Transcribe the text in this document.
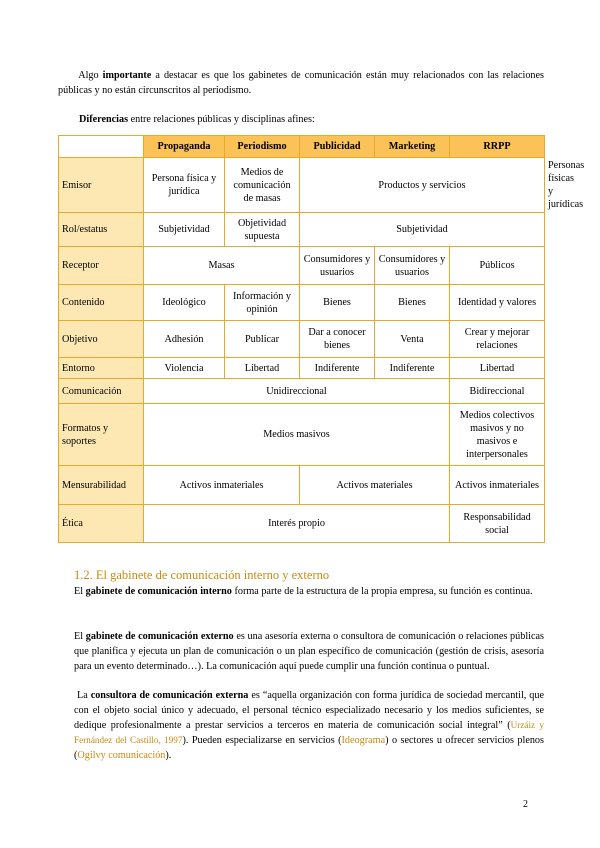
Algo importante a destacar es que los gabinetes de comunicación están muy relacionados con las relaciones públicas y no están circunscritos al periodismo.

Diferencias entre relaciones públicas y disciplinas afines:

	Propaganda	Periodismo	Publicidad	Marketing	RRPP	
Emisor	Persona física y jurídica	Medios de comunicación de masas	Productos y servicios			Personas físicas y jurídicas
Rol/estatus	Subjetividad	Objetividad supuesta	Subjetividad			
Receptor	Masas		Consumidores y usuarios	Consumidores y usuarios	Públicos	
Contenido	Ideológico	Información y opinión	Bienes	Bienes	Identidad y valores	
Objetivo	Adhesión	Publicar	Dar a conocer bienes	Venta	Crear y mejorar relaciones	
Entorno	Violencia	Libertad	Indiferente	Indiferente	Libertad	
Comunicación	Unidireccional				Bidireccional	
Formatos y soportes	Medios masivos				Medios colectivos masivos y no masivos e interpersonales	
Mensurabilidad	Activos inmateriales		Activos materiales		Activos inmateriales	
Ética	Interés propio				Responsabilidad social	
1.2. El gabinete de comunicación interno y externo

El gabinete de comunicación interno forma parte de la estructura de la propia empresa, su función es continua.

El gabinete de comunicación externo es una asesoría externa o consultora de comunicación o relaciones públicas que planifica y ejecuta un plan de comunicación o un plan específico de comunicación (gestión de crisis, asesoría para un evento determinado…). La comunicación aquí puede cumplir una función continua o puntual.

La consultora de comunicación externa es “aquella organización con forma jurídica de sociedad mercantil, que con el objeto social único y adecuado, el personal técnico especializado necesario y los medios suficientes, se dedique profesionalmente a prestar servicios a terceros en materia de comunicación social integral” (Urzáiz y Fernández del Castillo, 1997). Pueden especializarse en servicios (Ideograma) o sectores u ofrecer servicios plenos (Ogilvy comunicación).

2
